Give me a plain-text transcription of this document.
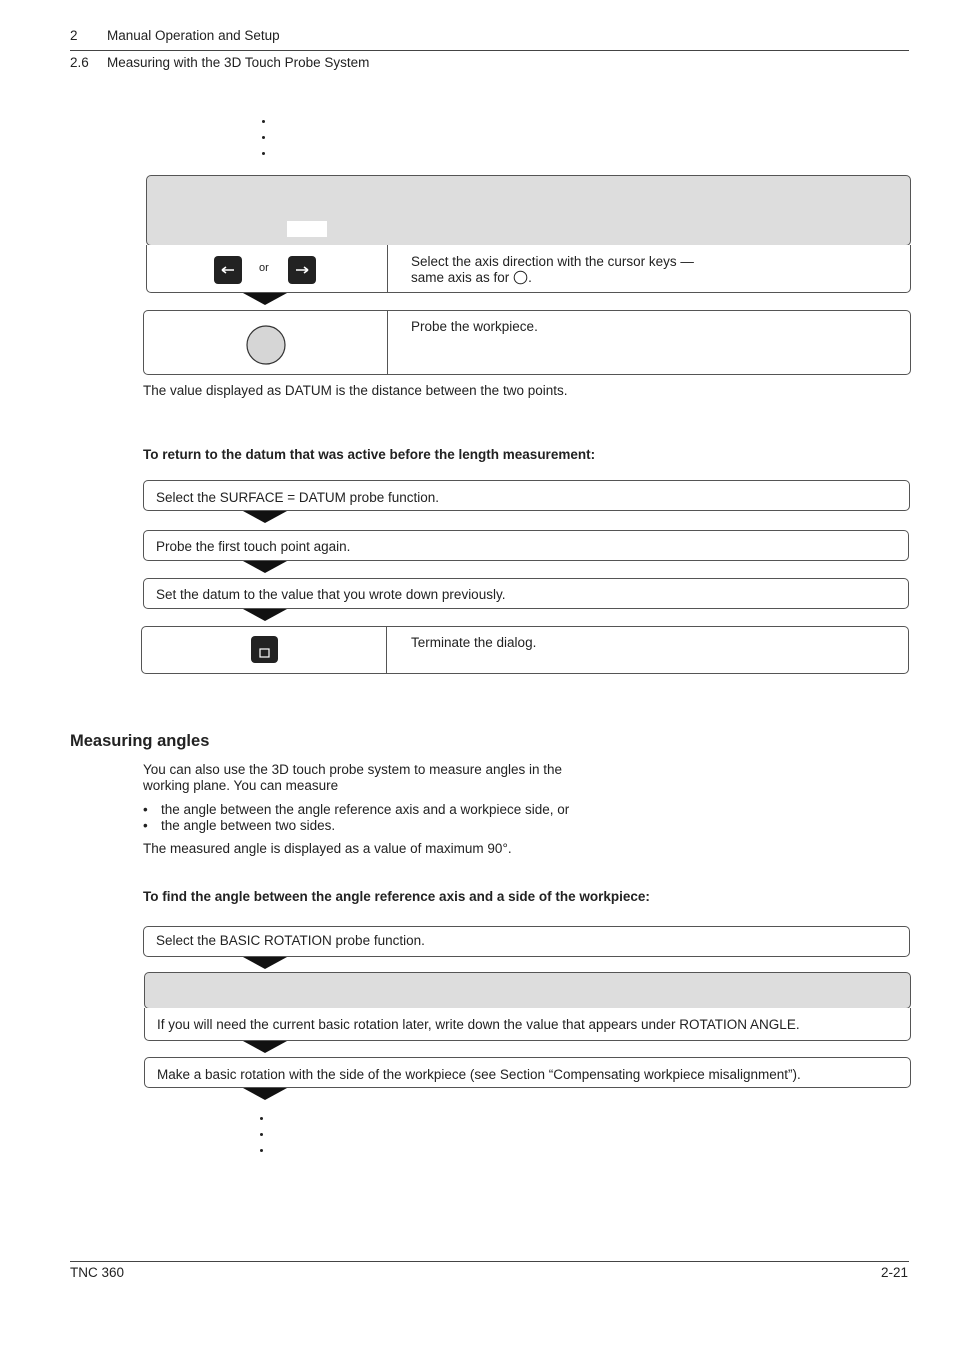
2 Manual Operation and Setup
2.6 Measuring with the 3D Touch Probe System
or	Select the axis direction with the cursor keys —
same axis as for .
Probe the workpiece.
The value displayed as DATUM is the distance between the two points.
To return to the datum that was active before the length measurement:
Select the SURFACE = DATUM probe function.
Probe the first touch point again.
Set the datum to the value that you wrote down previously.
Terminate the dialog.
Measuring angles
You can also use the 3D touch probe system to measure angles in the
working plane. You can measure
• the angle between the angle reference axis and a workpiece side, or
• the angle between two sides.
The measured angle is displayed as a value of maximum 90°.
To find the angle between the angle reference axis and a side of the workpiece:
Select the BASIC ROTATION probe function.
If you will need the current basic rotation later, write down the value that appears under ROTATION ANGLE.
Make a basic rotation with the side of the workpiece (see Section “Compensating workpiece misalignment”).
TNC 360	2-21
